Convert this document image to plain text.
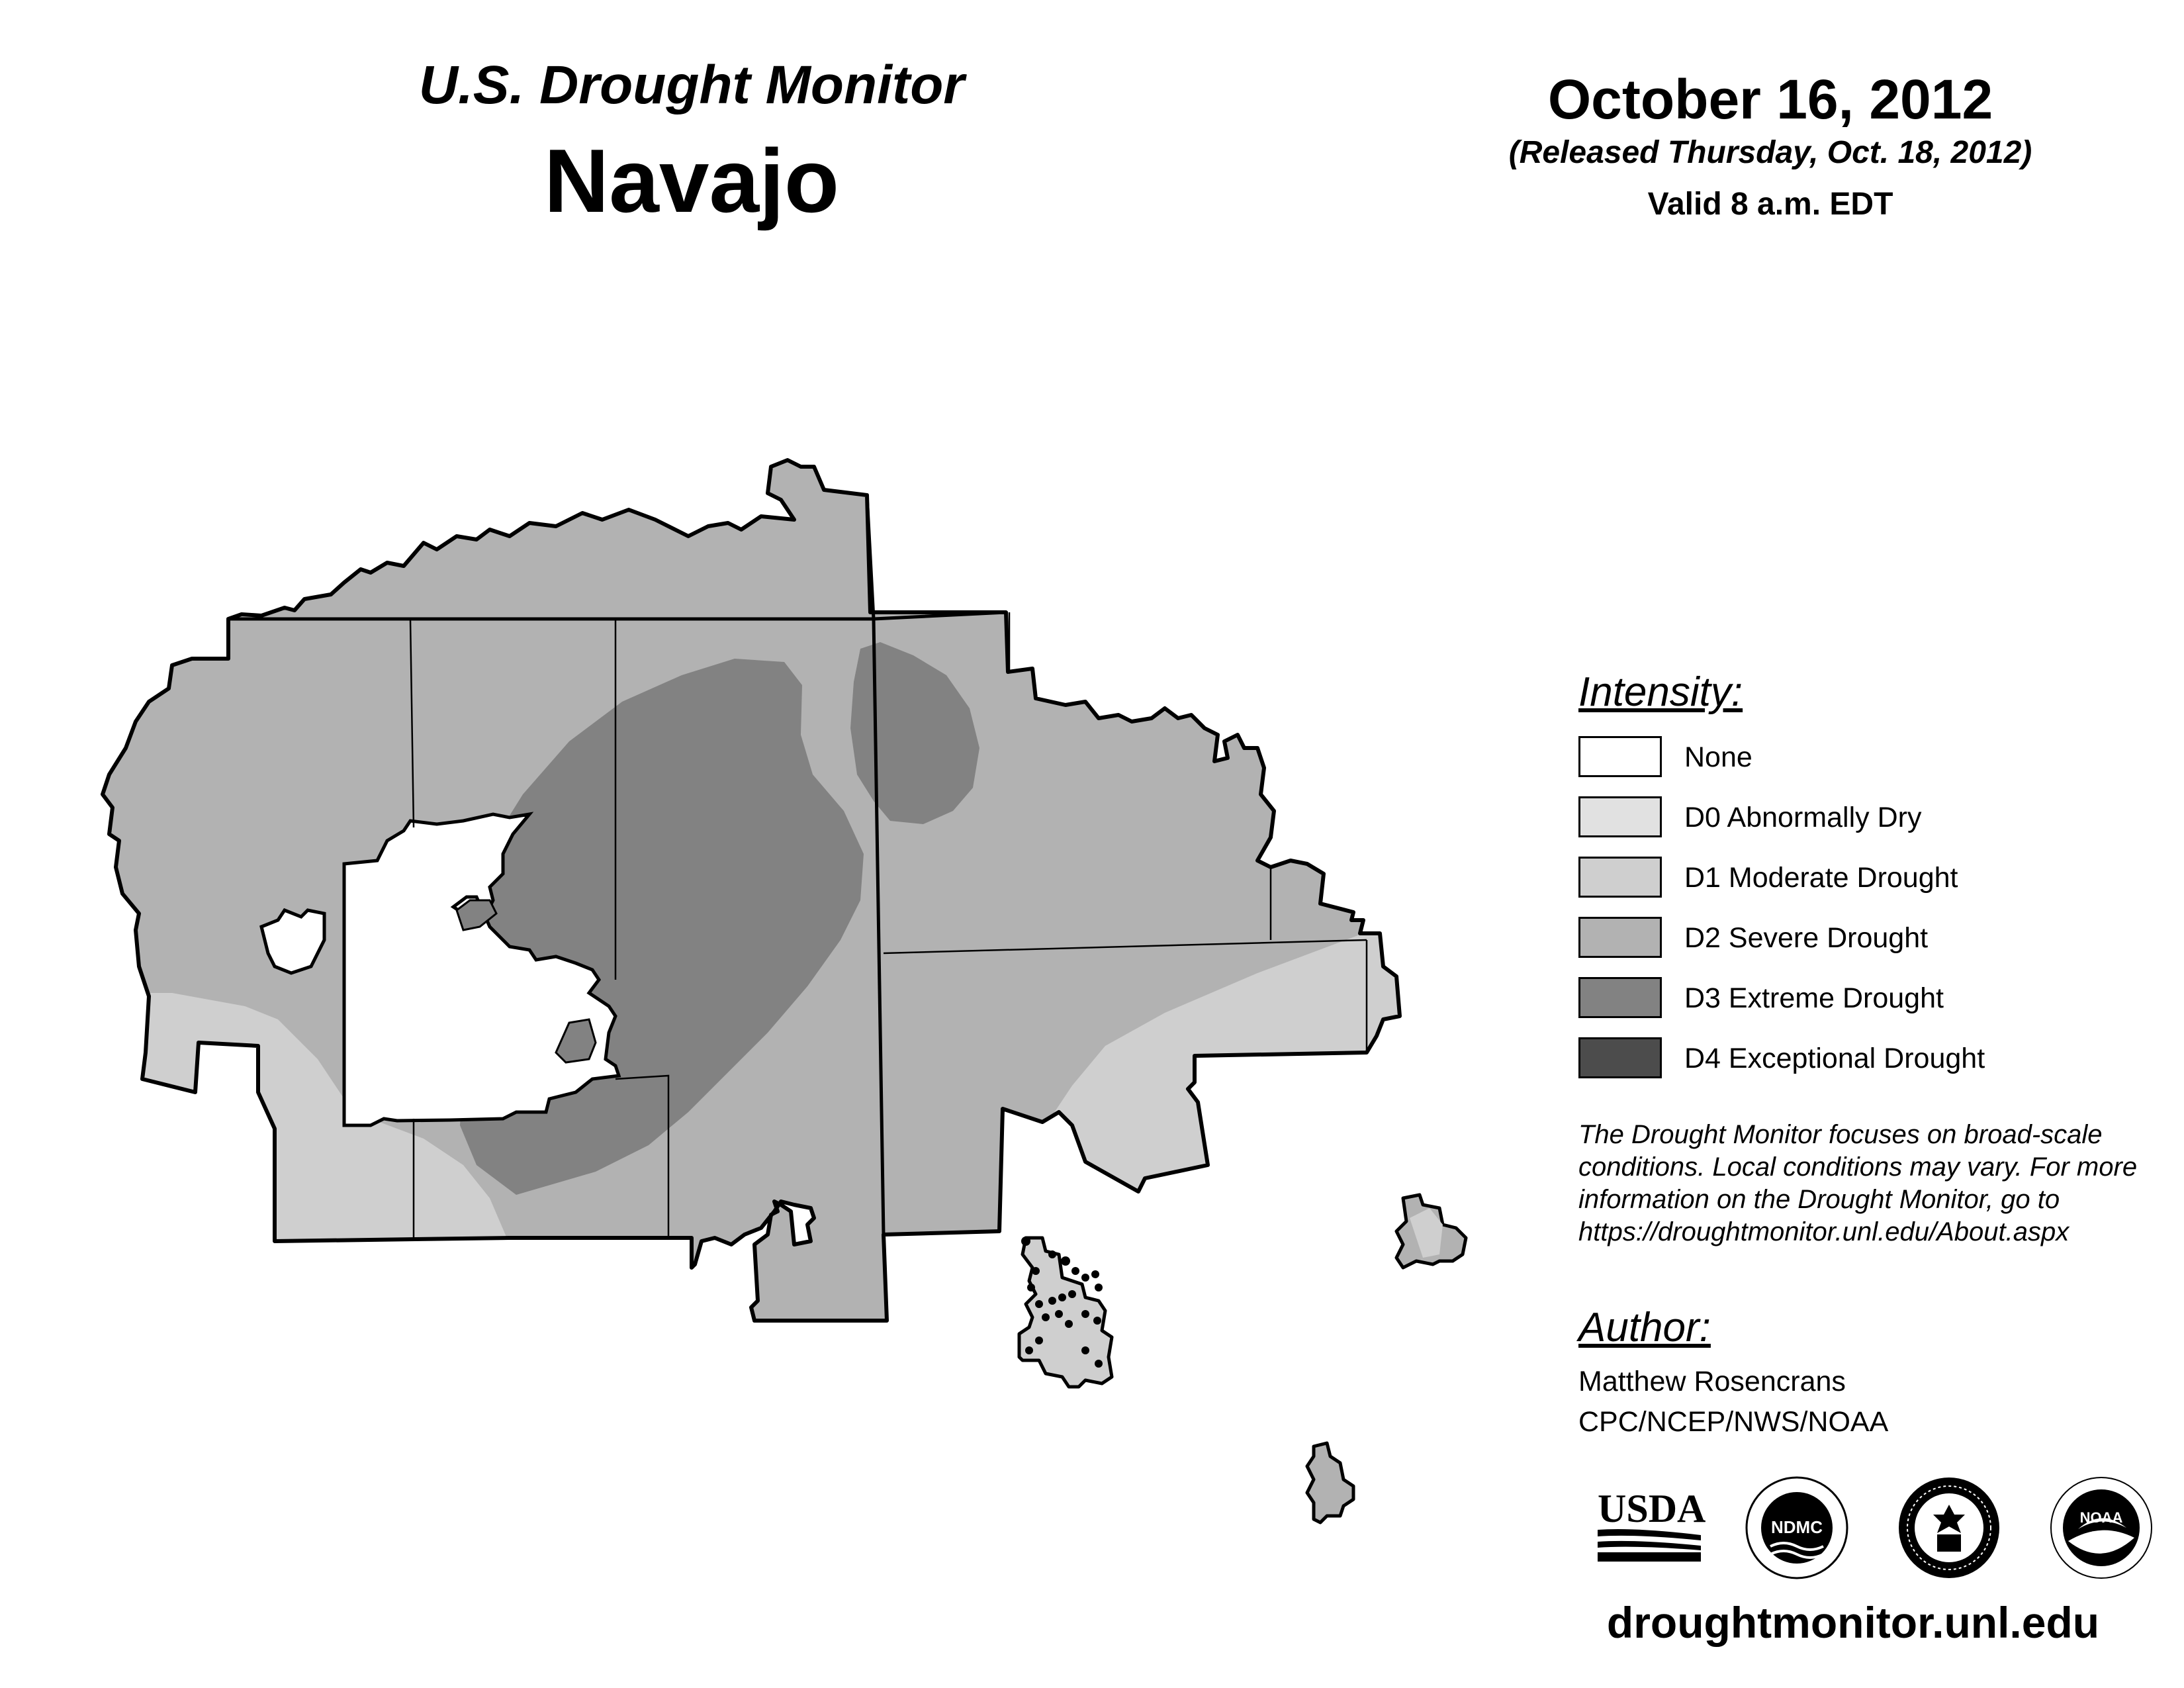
U.S. Drought Monitor
Navajo
October 16, 2012
(Released Thursday, Oct. 18, 2012)
Valid 8 a.m. EDT
Intensity:
None
D0 Abnormally Dry
D1 Moderate Drought
D2 Severe Drought
D3 Extreme Drought
D4 Exceptional Drought
The Drought Monitor focuses on broad-scale
conditions. Local conditions may vary. For more
information on the Drought Monitor, go to
https://droughtmonitor.unl.edu/About.aspx
Author:
Matthew Rosencrans
CPC/NCEP/NWS/NOAA
USDA	NDMC	NOAA
droughtmonitor.unl.edu
